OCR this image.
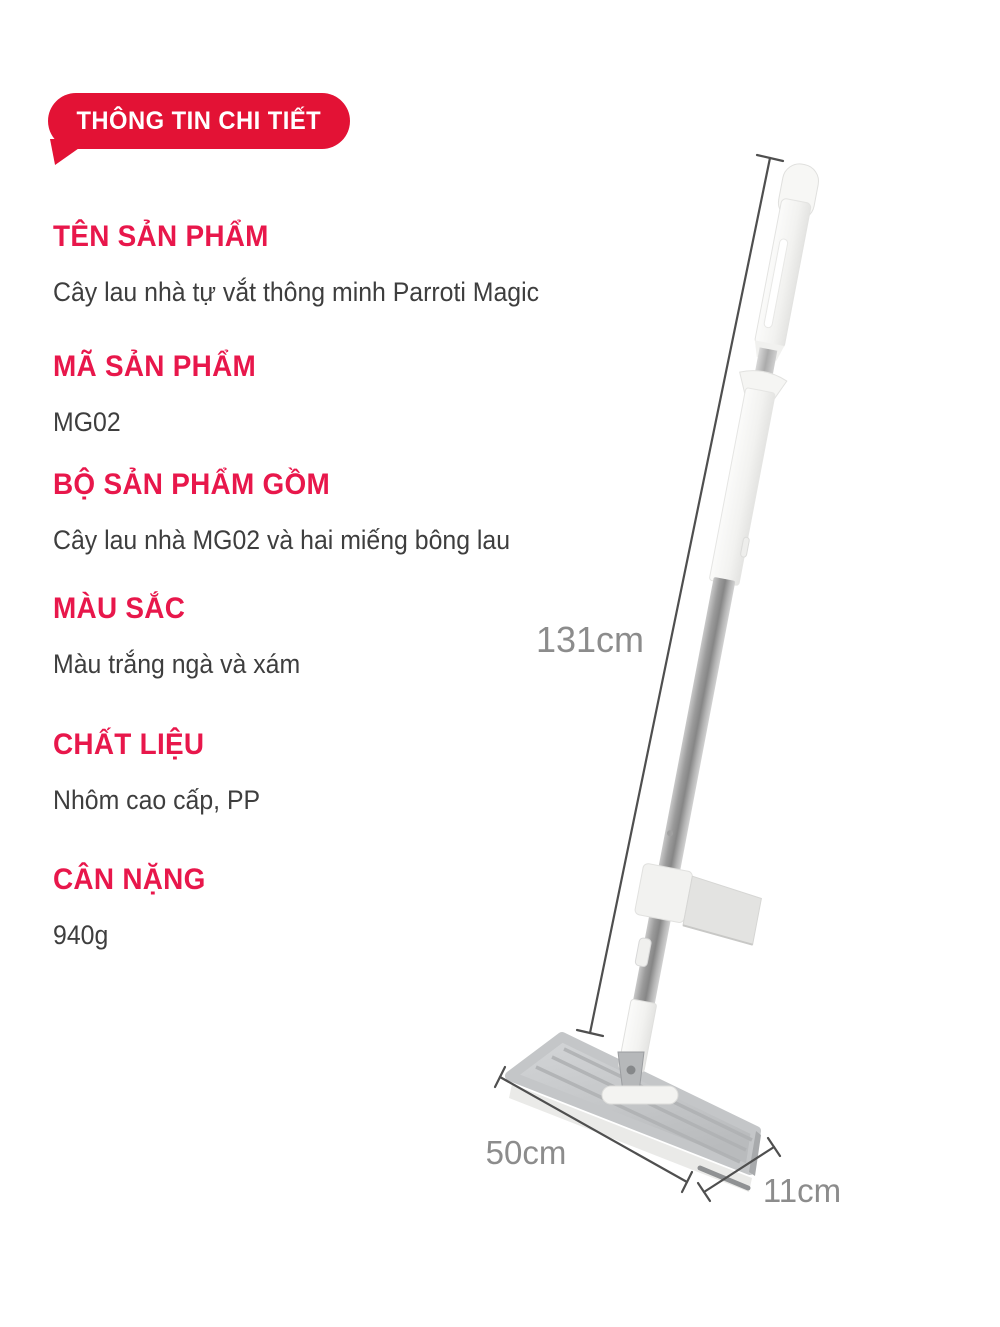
THÔNG TIN CHI TIẾT
TÊN SẢN PHẨM

Cây lau nhà tự vắt thông minh Parroti Magic

MÃ SẢN PHẨM

MG02

BỘ SẢN PHẨM GỒM

Cây lau nhà MG02 và hai miếng bông lau

MÀU SẮC

Màu trắng ngà và xám

CHẤT LIỆU

Nhôm cao cấp, PP

CÂN NẶNG

940g

131cm
50cm
11cm
